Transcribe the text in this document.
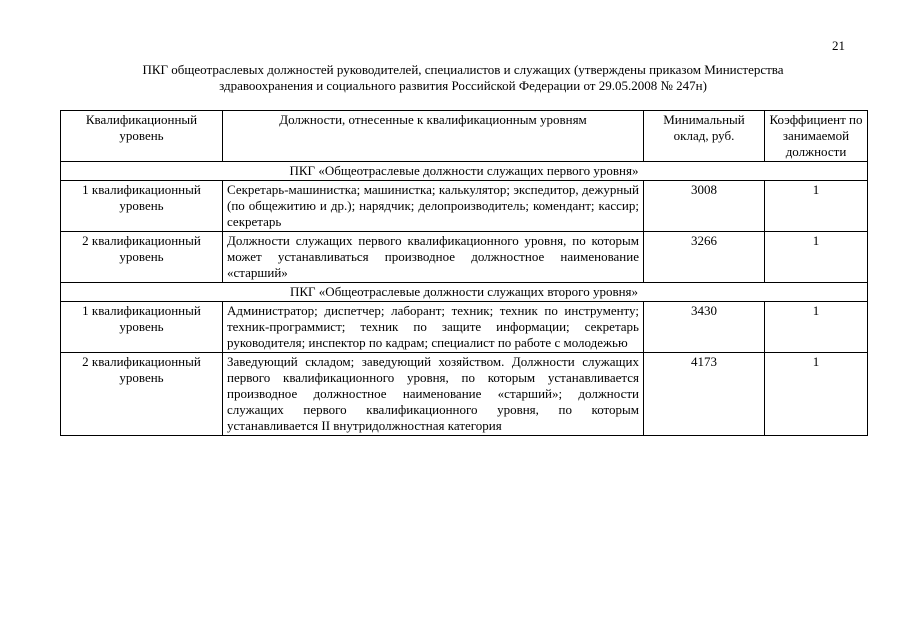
21
ПКГ общеотраслевых должностей руководителей, специалистов и служащих (утверждены приказом Министерства
здравоохранения и социального развития Российской Федерации от 29.05.2008 № 247н)
Квалификационный уровень	Должности, отнесенные к квалификационным уровням	Минимальный оклад, руб.	Коэффициент по занимаемой должности
ПКГ «Общеотраслевые должности служащих первого уровня»			
1 квалификационный уровень	Секретарь-машинистка; машинистка; калькулятор; экспедитор, дежурный (по общежитию и др.); нарядчик; делопроизводитель; комендант; кассир; секретарь	3008	1
2 квалификационный уровень	Должности служащих первого квалификационного уровня, по которым может устанавливаться производное должностное наименование «старший»	3266	1
ПКГ «Общеотраслевые должности служащих второго уровня»			
1 квалификационный уровень	Администратор; диспетчер; лаборант; техник; техник по инструменту; техник-программист; техник по защите информации; секретарь руководителя; инспектор по кадрам; специалист по работе с молодежью	3430	1
2 квалификационный уровень	Заведующий складом; заведующий хозяйством. Должности служащих первого квалификационного уровня, по которым устанавливается производное должностное наименование «старший»; должности служащих первого квалификационного уровня, по которым устанавливается II внутридолжностная категория	4173	1
